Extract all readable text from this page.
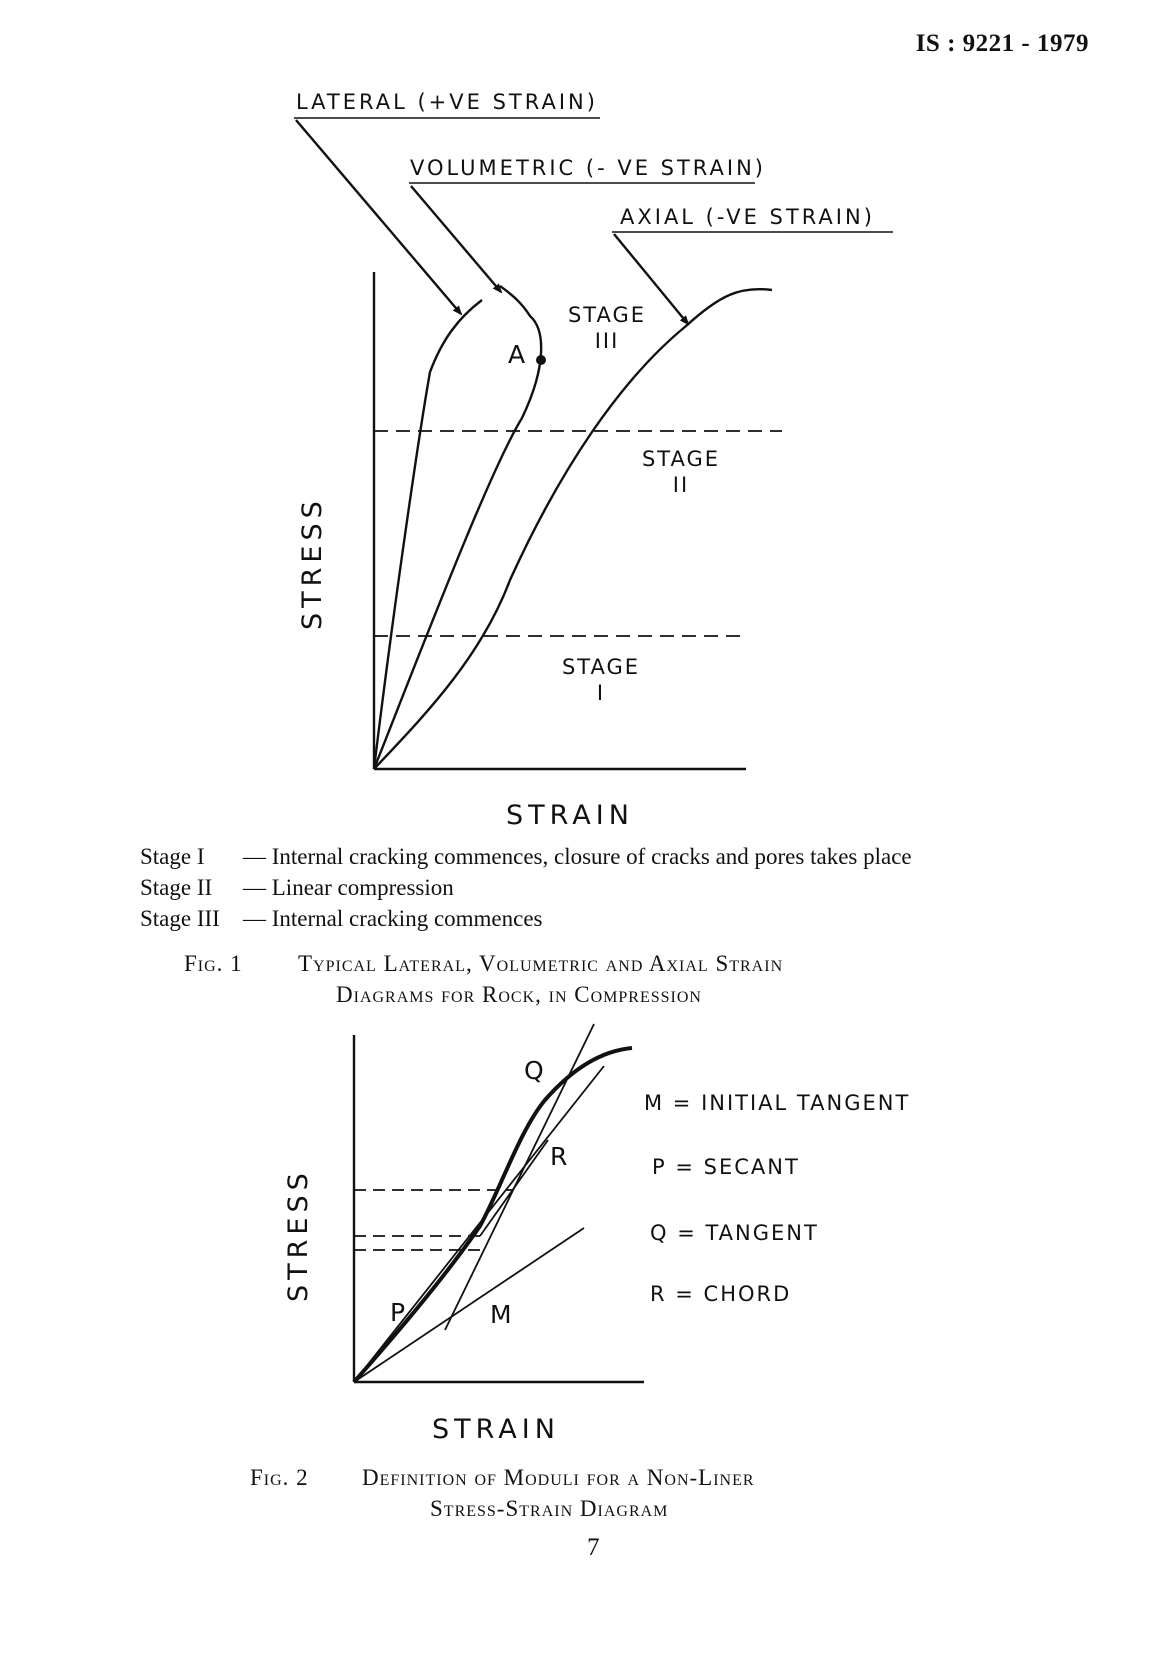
IS : 9221 - 1979
LATERAL (+VE STRAIN)
VOLUMETRIC (- VE STRAIN)
AXIAL (-VE STRAIN)
A
STAGE
III
STAGE
II
STAGE
I
STRESS
STRAIN
Stage I	— Internal cracking commences, closure of cracks and pores takes place
Stage II	— Linear compression
Stage III	— Internal cracking commences
Fig. 1 Typical Lateral, Volumetric and Axial Strain
Diagrams for Rock, in Compression
Q
R
P	M
M = INITIAL TANGENT
P = SECANT
Q = TANGENT
R = CHORD
STRESS
STRAIN
Fig. 2 Definition of Moduli for a Non-Liner
Stress-Strain Diagram
7
